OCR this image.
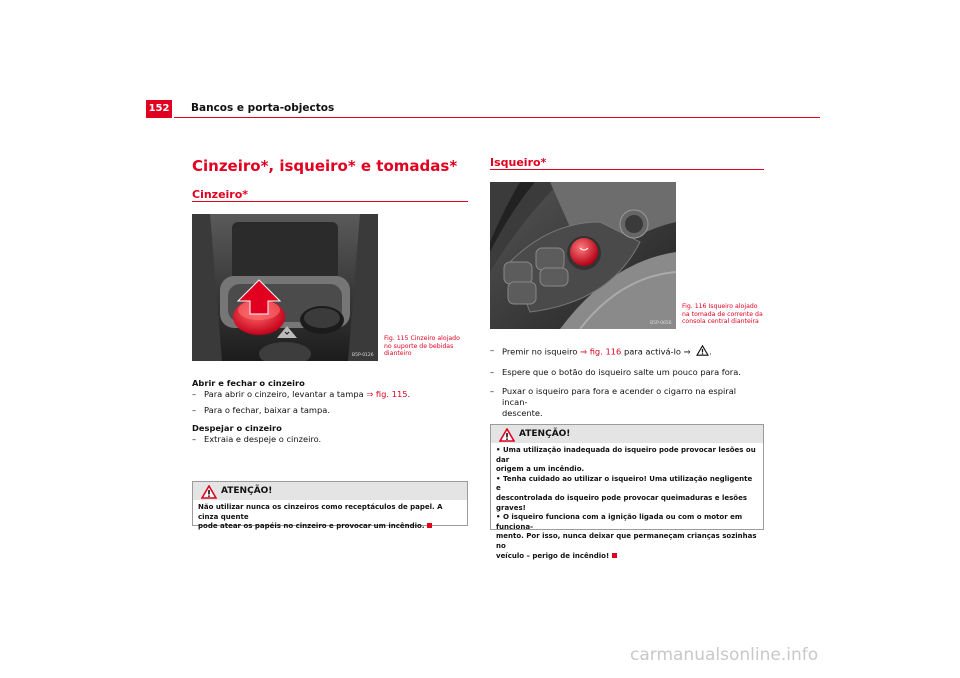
152 Bancos e porta-objectos
Cinzeiro*, isqueiro* e tomadas*
Cinzeiro*
B5P-0126
Fig. 115 Cinzeiro alojado
no suporte de bebidas
dianteiro
Abrir e fechar o cinzeiro
– Para abrir o cinzeiro, levantar a tampa ⇒ fig. 115.
– Para o fechar, baixar a tampa.
Despejar o cinzeiro
– Extraia e despeje o cinzeiro.
ATENÇÃO!
Não utilizar nunca os cinzeiros como receptáculos de papel. A cinza quente
pode atear os papéis no cinzeiro e provocar um incêndio.
Isqueiro*
B5P-0656
Fig. 116 Isqueiro alojado
na tomada de corrente da
consola central dianteira
– Premir no isqueiro ⇒ fig. 116 para activá-lo ⇒ .
– Espere que o botão do isqueiro salte um pouco para fora.
– Puxar o isqueiro para fora e acender o cigarro na espiral incan-
descente.
ATENÇÃO!
• Uma utilização inadequada do isqueiro pode provocar lesões ou dar
origem a um incêndio.
• Tenha cuidado ao utilizar o isqueiro! Uma utilização negligente e
descontrolada do isqueiro pode provocar queimaduras e lesões graves!
• O isqueiro funciona com a ignição ligada ou com o motor em funciona-
mento. Por isso, nunca deixar que permaneçam crianças sozinhas no
veículo – perigo de incêndio!
carmanualsonline.info
